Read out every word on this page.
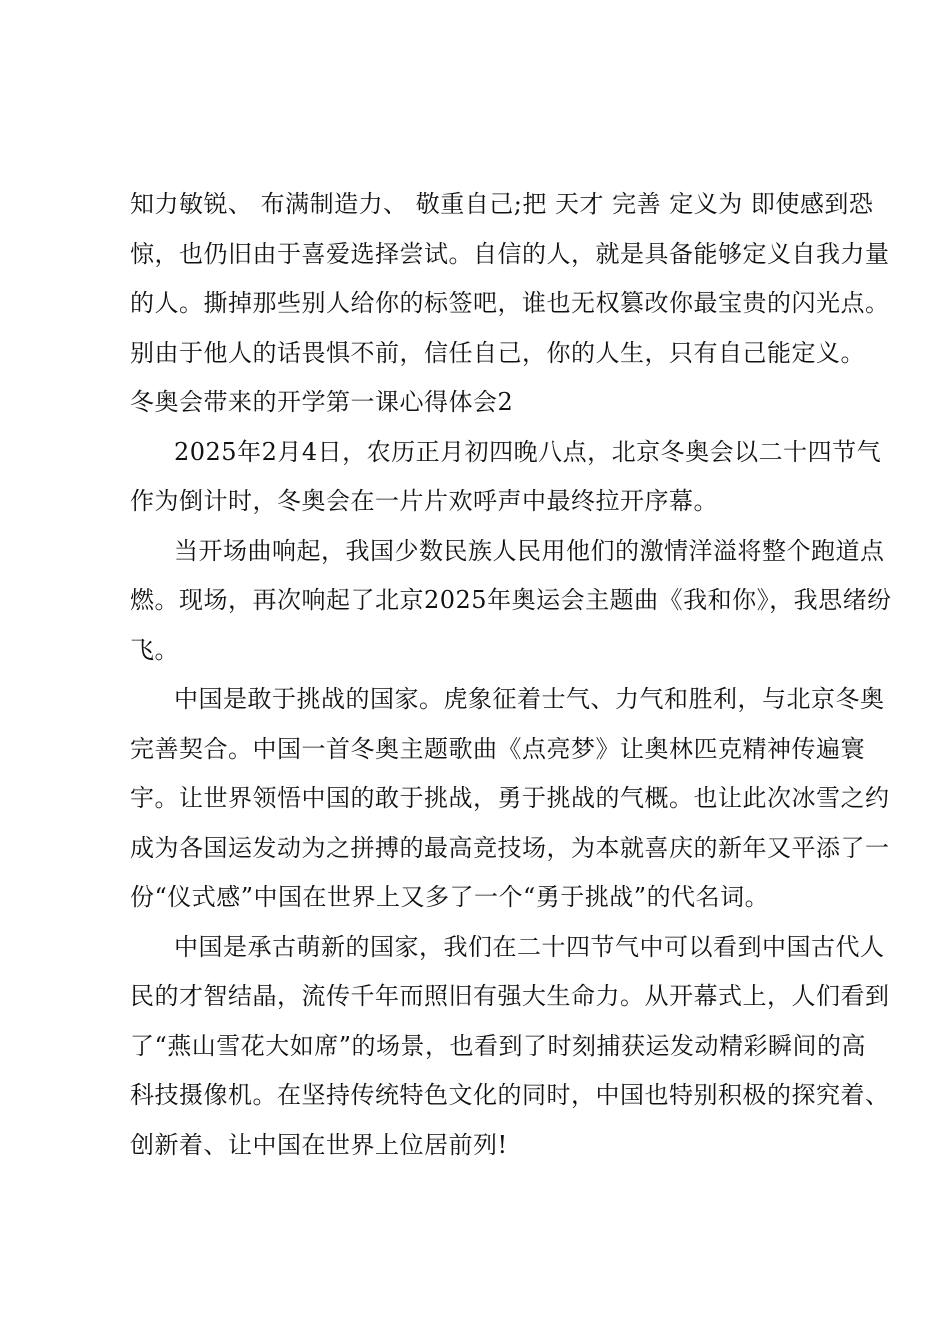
知力敏锐、 布满制造力、 敬重自己;把 天才 完善 定义为 即使感到恐
惊，也仍旧由于喜爱选择尝试。自信的人，就是具备能够定义自我力量
的人。撕掉那些别人给你的标签吧，谁也无权篡改你最宝贵的闪光点。
别由于他人的话畏惧不前，信任自己，你的人生，只有自己能定义。
冬奥会带来的开学第一课心得体会2
2025年2月4日，农历正月初四晚八点，北京冬奥会以二十四节气
作为倒计时，冬奥会在一片片欢呼声中最终拉开序幕。
当开场曲响起，我国少数民族人民用他们的激情洋溢将整个跑道点
燃。现场，再次响起了北京2025年奥运会主题曲《我和你》，我思绪纷
飞。
中国是敢于挑战的国家。虎象征着士气、力气和胜利，与北京冬奥
完善契合。中国一首冬奥主题歌曲《点亮梦》让奥林匹克精神传遍寰
宇。让世界领悟中国的敢于挑战，勇于挑战的气概。也让此次冰雪之约
成为各国运发动为之拼搏的最高竞技场，为本就喜庆的新年又平添了一
份“仪式感”中国在世界上又多了一个“勇于挑战”的代名词。
中国是承古萌新的国家，我们在二十四节气中可以看到中国古代人
民的才智结晶，流传千年而照旧有强大生命力。从开幕式上，人们看到
了“燕山雪花大如席”的场景，也看到了时刻捕获运发动精彩瞬间的高
科技摄像机。在坚持传统特色文化的同时，中国也特别积极的探究着、
创新着、让中国在世界上位居前列!
